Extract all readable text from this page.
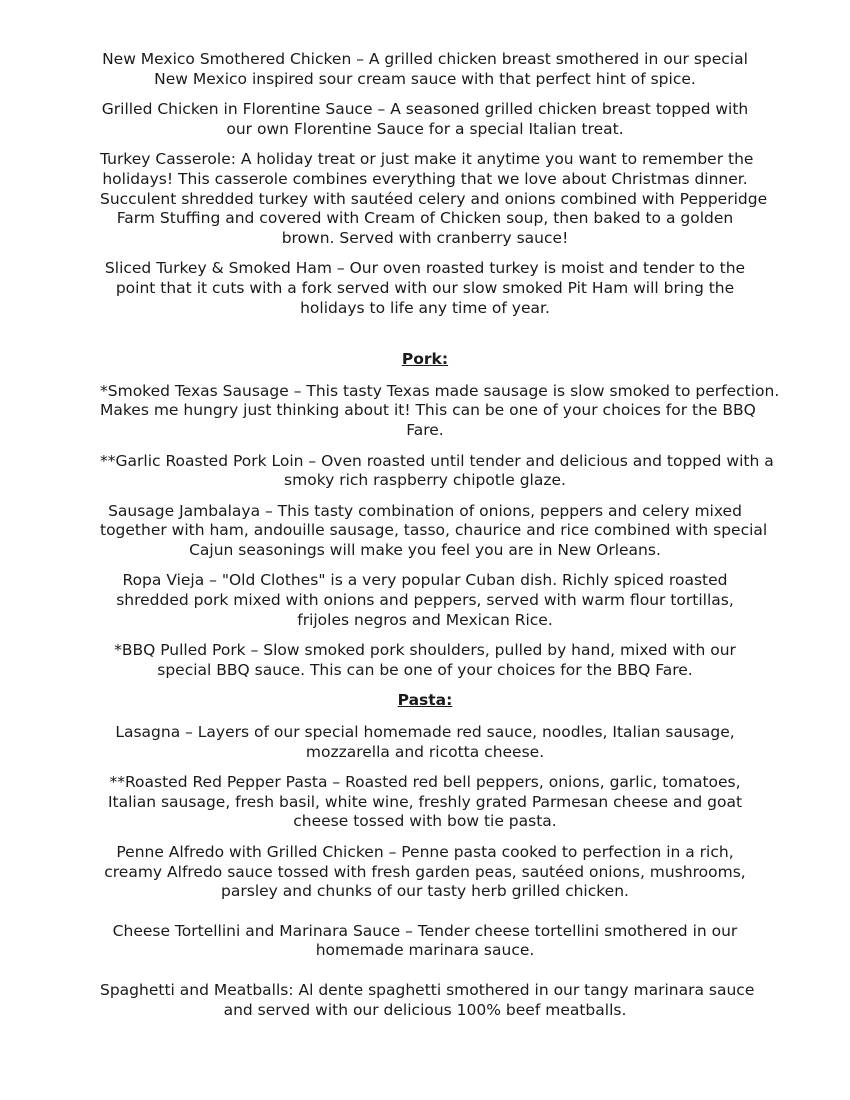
New Mexico Smothered Chicken – A grilled chicken breast smothered in our special
New Mexico inspired sour cream sauce with that perfect hint of spice.

Grilled Chicken in Florentine Sauce – A seasoned grilled chicken breast topped with
our own Florentine Sauce for a special Italian treat.

Turkey Casserole: A holiday treat or just make it anytime you want to remember the
holidays! This casserole combines everything that we love about Christmas dinner.
Succulent shredded turkey with sautéed celery and onions combined with Pepperidge
Farm Stuffing and covered with Cream of Chicken soup, then baked to a golden
brown. Served with cranberry sauce!

Sliced Turkey & Smoked Ham – Our oven roasted turkey is moist and tender to the
point that it cuts with a fork served with our slow smoked Pit Ham will bring the
holidays to life any time of year.

Pork:

*Smoked Texas Sausage – This tasty Texas made sausage is slow smoked to perfection.
Makes me hungry just thinking about it! This can be one of your choices for the BBQ
Fare.

**Garlic Roasted Pork Loin – Oven roasted until tender and delicious and topped with a
smoky rich raspberry chipotle glaze.

Sausage Jambalaya – This tasty combination of onions, peppers and celery mixed
together with ham, andouille sausage, tasso, chaurice and rice combined with special
Cajun seasonings will make you feel you are in New Orleans.

Ropa Vieja – "Old Clothes" is a very popular Cuban dish. Richly spiced roasted
shredded pork mixed with onions and peppers, served with warm flour tortillas,
frijoles negros and Mexican Rice.

*BBQ Pulled Pork – Slow smoked pork shoulders, pulled by hand, mixed with our
special BBQ sauce. This can be one of your choices for the BBQ Fare.

Pasta:

Lasagna – Layers of our special homemade red sauce, noodles, Italian sausage,
mozzarella and ricotta cheese.

**Roasted Red Pepper Pasta – Roasted red bell peppers, onions, garlic, tomatoes,
Italian sausage, fresh basil, white wine, freshly grated Parmesan cheese and goat
cheese tossed with bow tie pasta.

Penne Alfredo with Grilled Chicken – Penne pasta cooked to perfection in a rich,
creamy Alfredo sauce tossed with fresh garden peas, sautéed onions, mushrooms,
parsley and chunks of our tasty herb grilled chicken.

Cheese Tortellini and Marinara Sauce – Tender cheese tortellini smothered in our
homemade marinara sauce.

Spaghetti and Meatballs: Al dente spaghetti smothered in our tangy marinara sauce
and served with our delicious 100% beef meatballs.
